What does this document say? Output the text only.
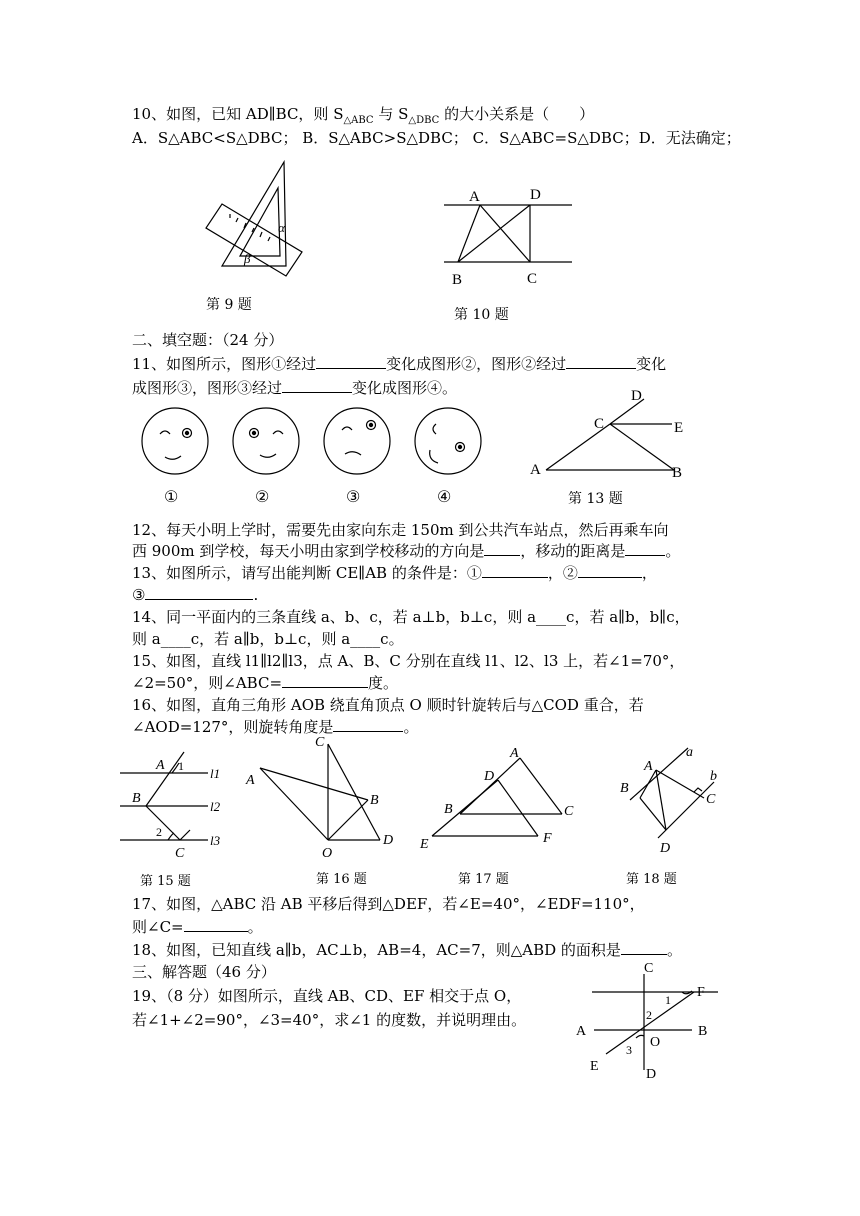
10、如图，已知 AD∥BC，则 $S_{\triangle ABC}$ 与 $S_{\triangle DBC}$ 的大小关系是（　　）
A．S△ABC<S△DBC； B．S△ABC>S△DBC； C．S△ABC=S△DBC；D．无法确定；
二、填空题：（24 分）
11、如图所示，图形①经过	变化成图形②，图形②经过	变化
成图形③，图形③经过	变化成图形④。
12、每天小明上学时，需要先由家向东走 150m 到公共汽车站点，然后再乘车向
西 900m 到学校，每天小明由家到学校移动的方向是 ，移动的距离是	。
13、如图所示，请写出能判断 CE∥AB 的条件是：①	，②	，
③	.
14、同一平面内的三条直线 a、b、c，若 a⊥b，b⊥c，则 a____c，若 a∥b，b∥c，
则 a____c，若 a∥b，b⊥c，则 a____c。
15、如图，直线 l1∥l2∥l3，点 A、B、C 分别在直线 l1、l2、l3 上，若∠1=70°，
∠2=50°，则∠ABC=	度。
16、如图，直角三角形 AOB 绕直角顶点 O 顺时针旋转后与△COD 重合，若
∠AOD=127°，则旋转角度是	。
17、如图，△ABC 沿 AB 平移后得到△DEF，若∠E=40°，∠EDF=110°，
则∠C=	。
18、如图，已知直线 a∥b，AC⊥b，AB=4，AC=7，则△ABD 的面积是	。
三、解答题（46 分）
19、（8 分）如图所示，直线 AB、CD、EF 相交于点 O，
若∠1+∠2=90°，∠3=40°，求∠1 的度数，并说明理由。
第 9 题
第 10 题
第 13 题
第 15 题	第 16 题	第 17 题	第 18 题
α
β
A	D
B	C
①	②	③	④
D
C	E
A	B
A 1 l1
B
l2
2
l3
C
C
A
B
O
D
A
D
B	C
E	F
A
a
b
B
C
D
C
F
1
2
A	B
O
3
E
D
